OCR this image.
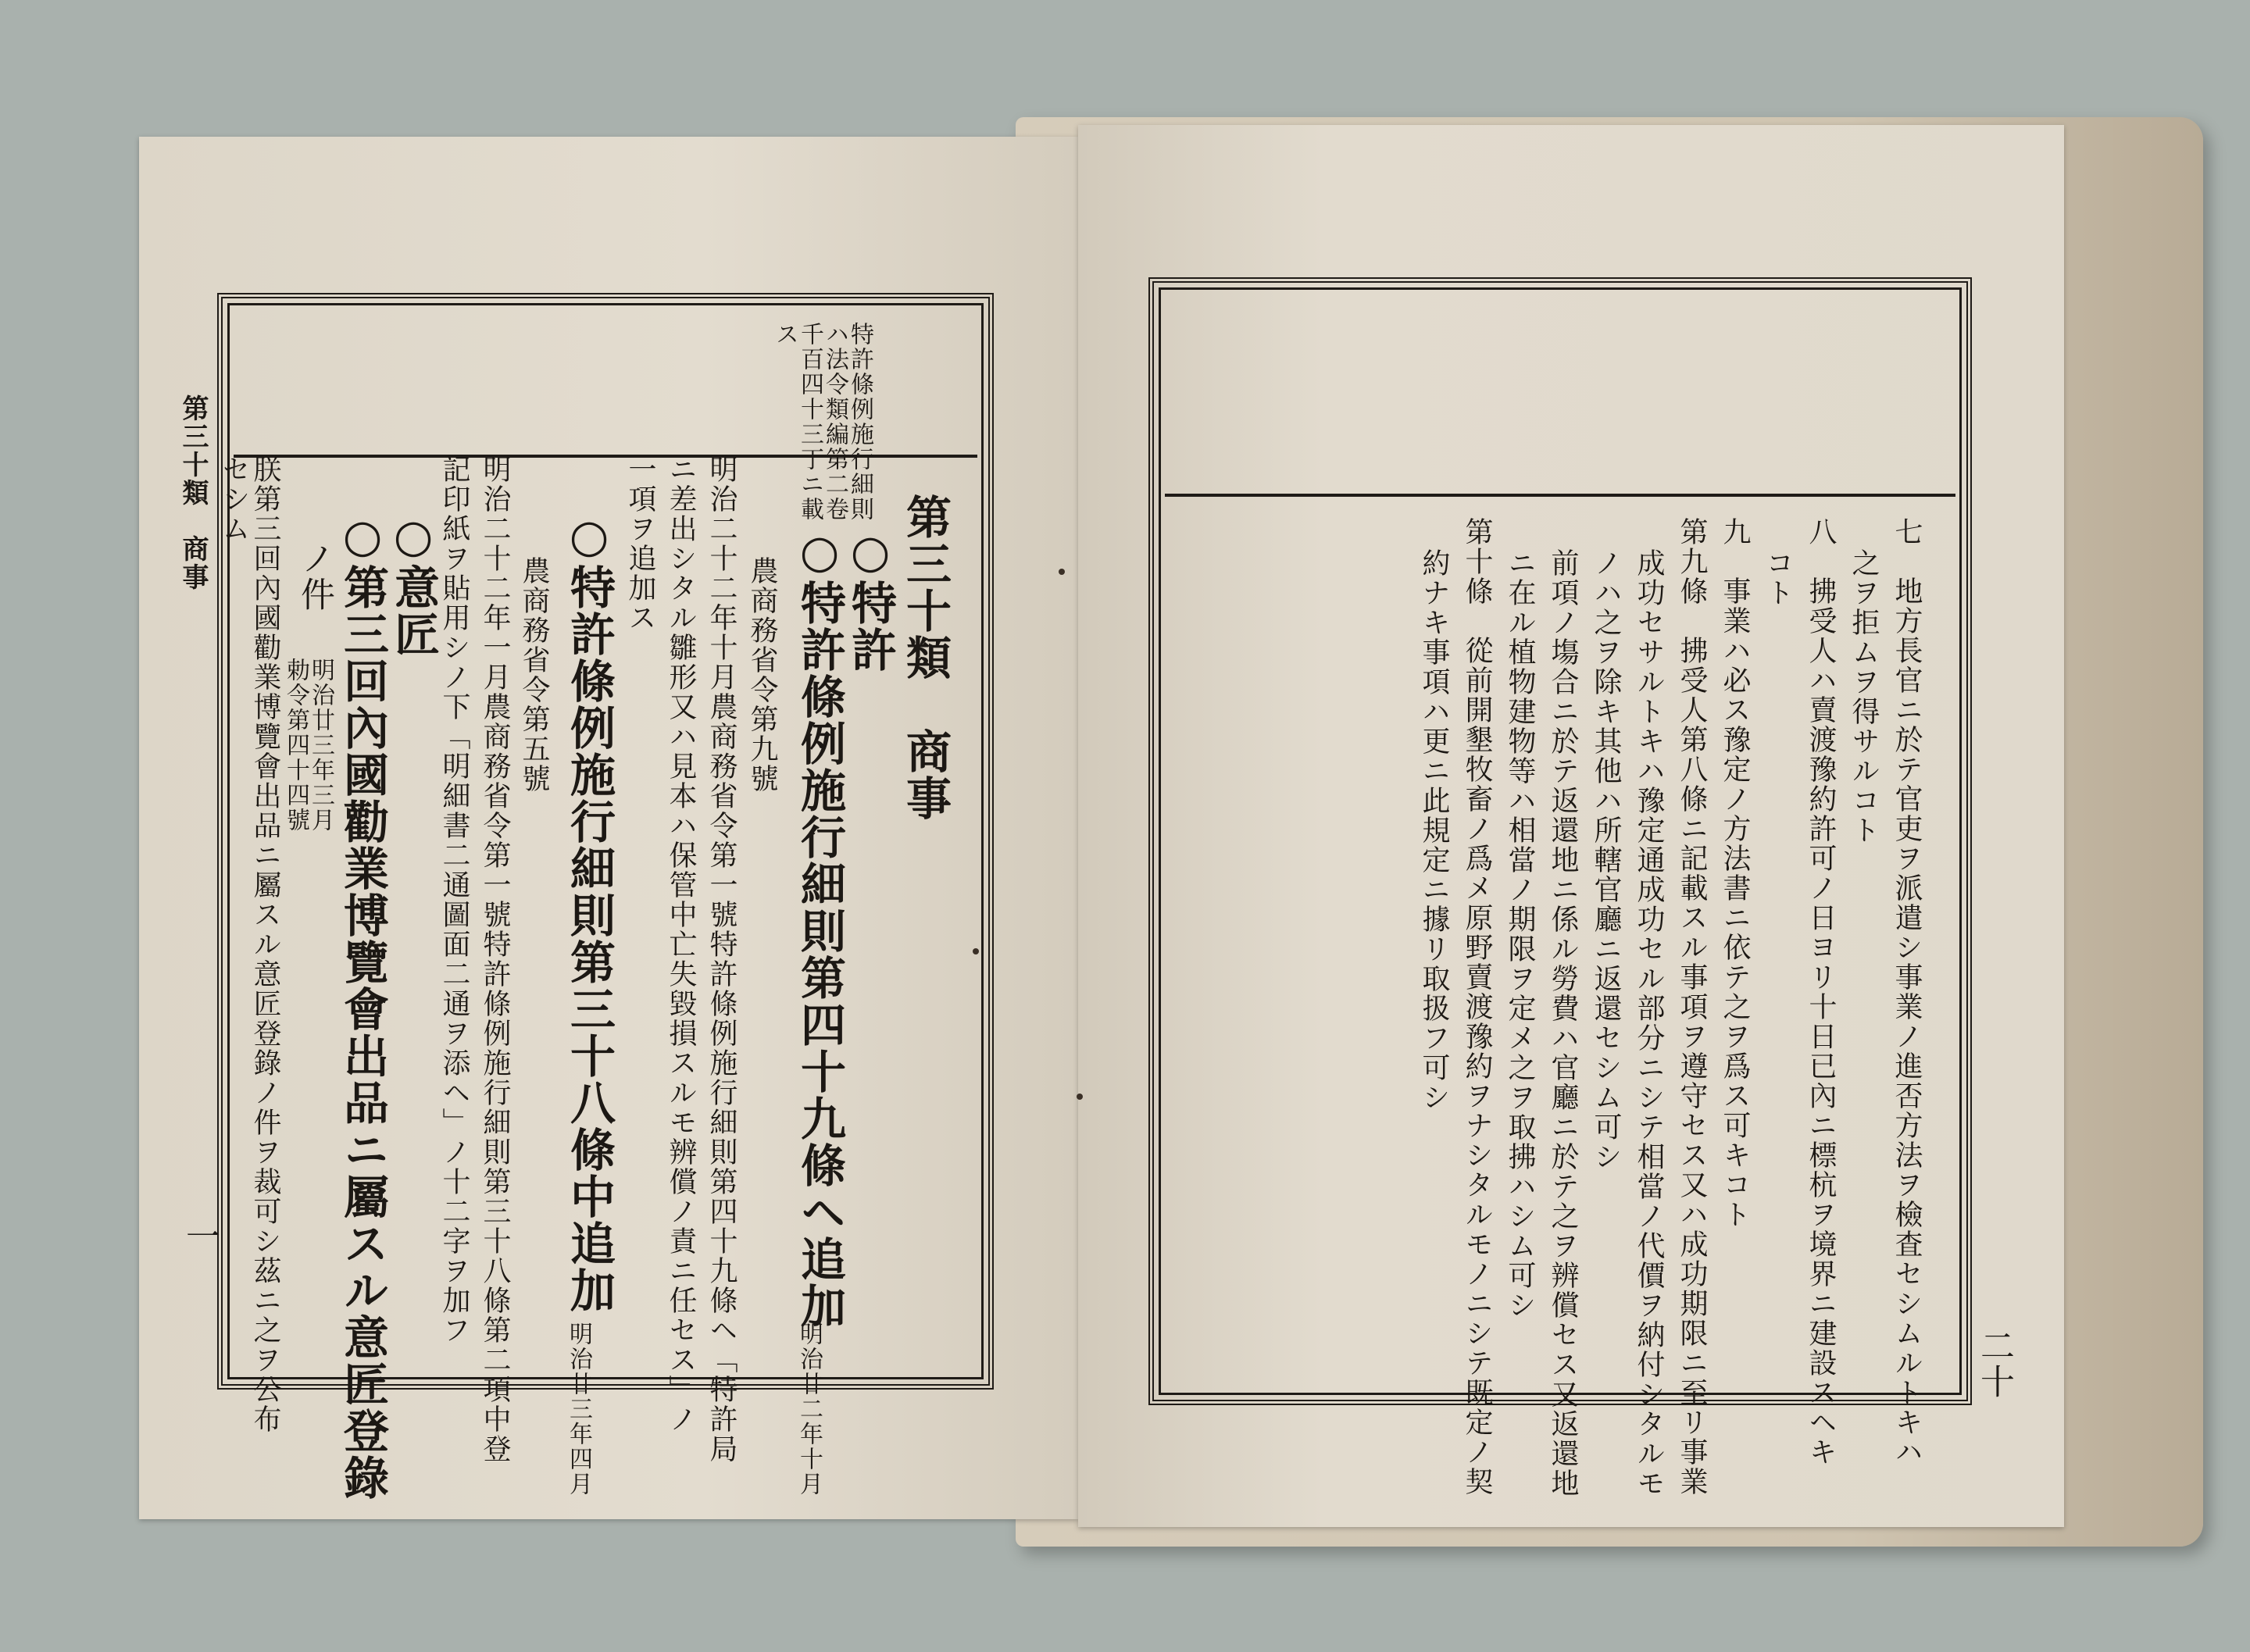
第三十類　商事
一
特許條例施行細則
ハ法令類編第二卷
千百四十三丁ニ載
ス
第三十類　商事
○特許
○特許條例施行細則第四十九條ヘ追加
明治廿二年十月
農商務省令第九號
明治二十二年十月農商務省令第一號特許條例施行細則第四十九條ヘ「特許局
ニ差出シタル雛形又ハ見本ハ保管中亡失毀損スルモ辨償ノ責ニ任セス」ノ
一項ヲ追加ス
○特許條例施行細則第三十八條中追加
明治廿三年四月
農商務省令第五號
明治二十二年一月農商務省令第一號特許條例施行細則第三十八條第二項中登
記印紙ヲ貼用シノ下「明細書二通圖面二通ヲ添ヘ」ノ十二字ヲ加フ
○意匠
○第三回內國勸業博覽會出品ニ屬スル意匠登錄
ノ件
明治廿三年三月
勅令第四十四號
朕第三回內國勸業博覽會出品ニ屬スル意匠登錄ノ件ヲ裁可シ茲ニ之ヲ公布
セシム
二十
七　地方長官ニ於テ官吏ヲ派遣シ事業ノ進否方法ヲ檢査セシムルトキハ
之ヲ拒ムヲ得サルコト
八　拂受人ハ賣渡豫約許可ノ日ヨリ十日已內ニ標杭ヲ境界ニ建設スヘキ
コト
九　事業ハ必ス豫定ノ方法書ニ依テ之ヲ爲ス可キコト
第九條　拂受人第八條ニ記載スル事項ヲ遵守セス又ハ成功期限ニ至リ事業
成功セサルトキハ豫定通成功セル部分ニシテ相當ノ代價ヲ納付シタルモ
ノハ之ヲ除キ其他ハ所轄官廳ニ返還セシム可シ
前項ノ塲合ニ於テ返還地ニ係ル勞費ハ官廳ニ於テ之ヲ辨償セス又返還地
ニ在ル植物建物等ハ相當ノ期限ヲ定メ之ヲ取拂ハシム可シ
第十條　從前開墾牧畜ノ爲メ原野賣渡豫約ヲナシタルモノニシテ既定ノ契
約ナキ事項ハ更ニ此規定ニ據リ取扱フ可シ
